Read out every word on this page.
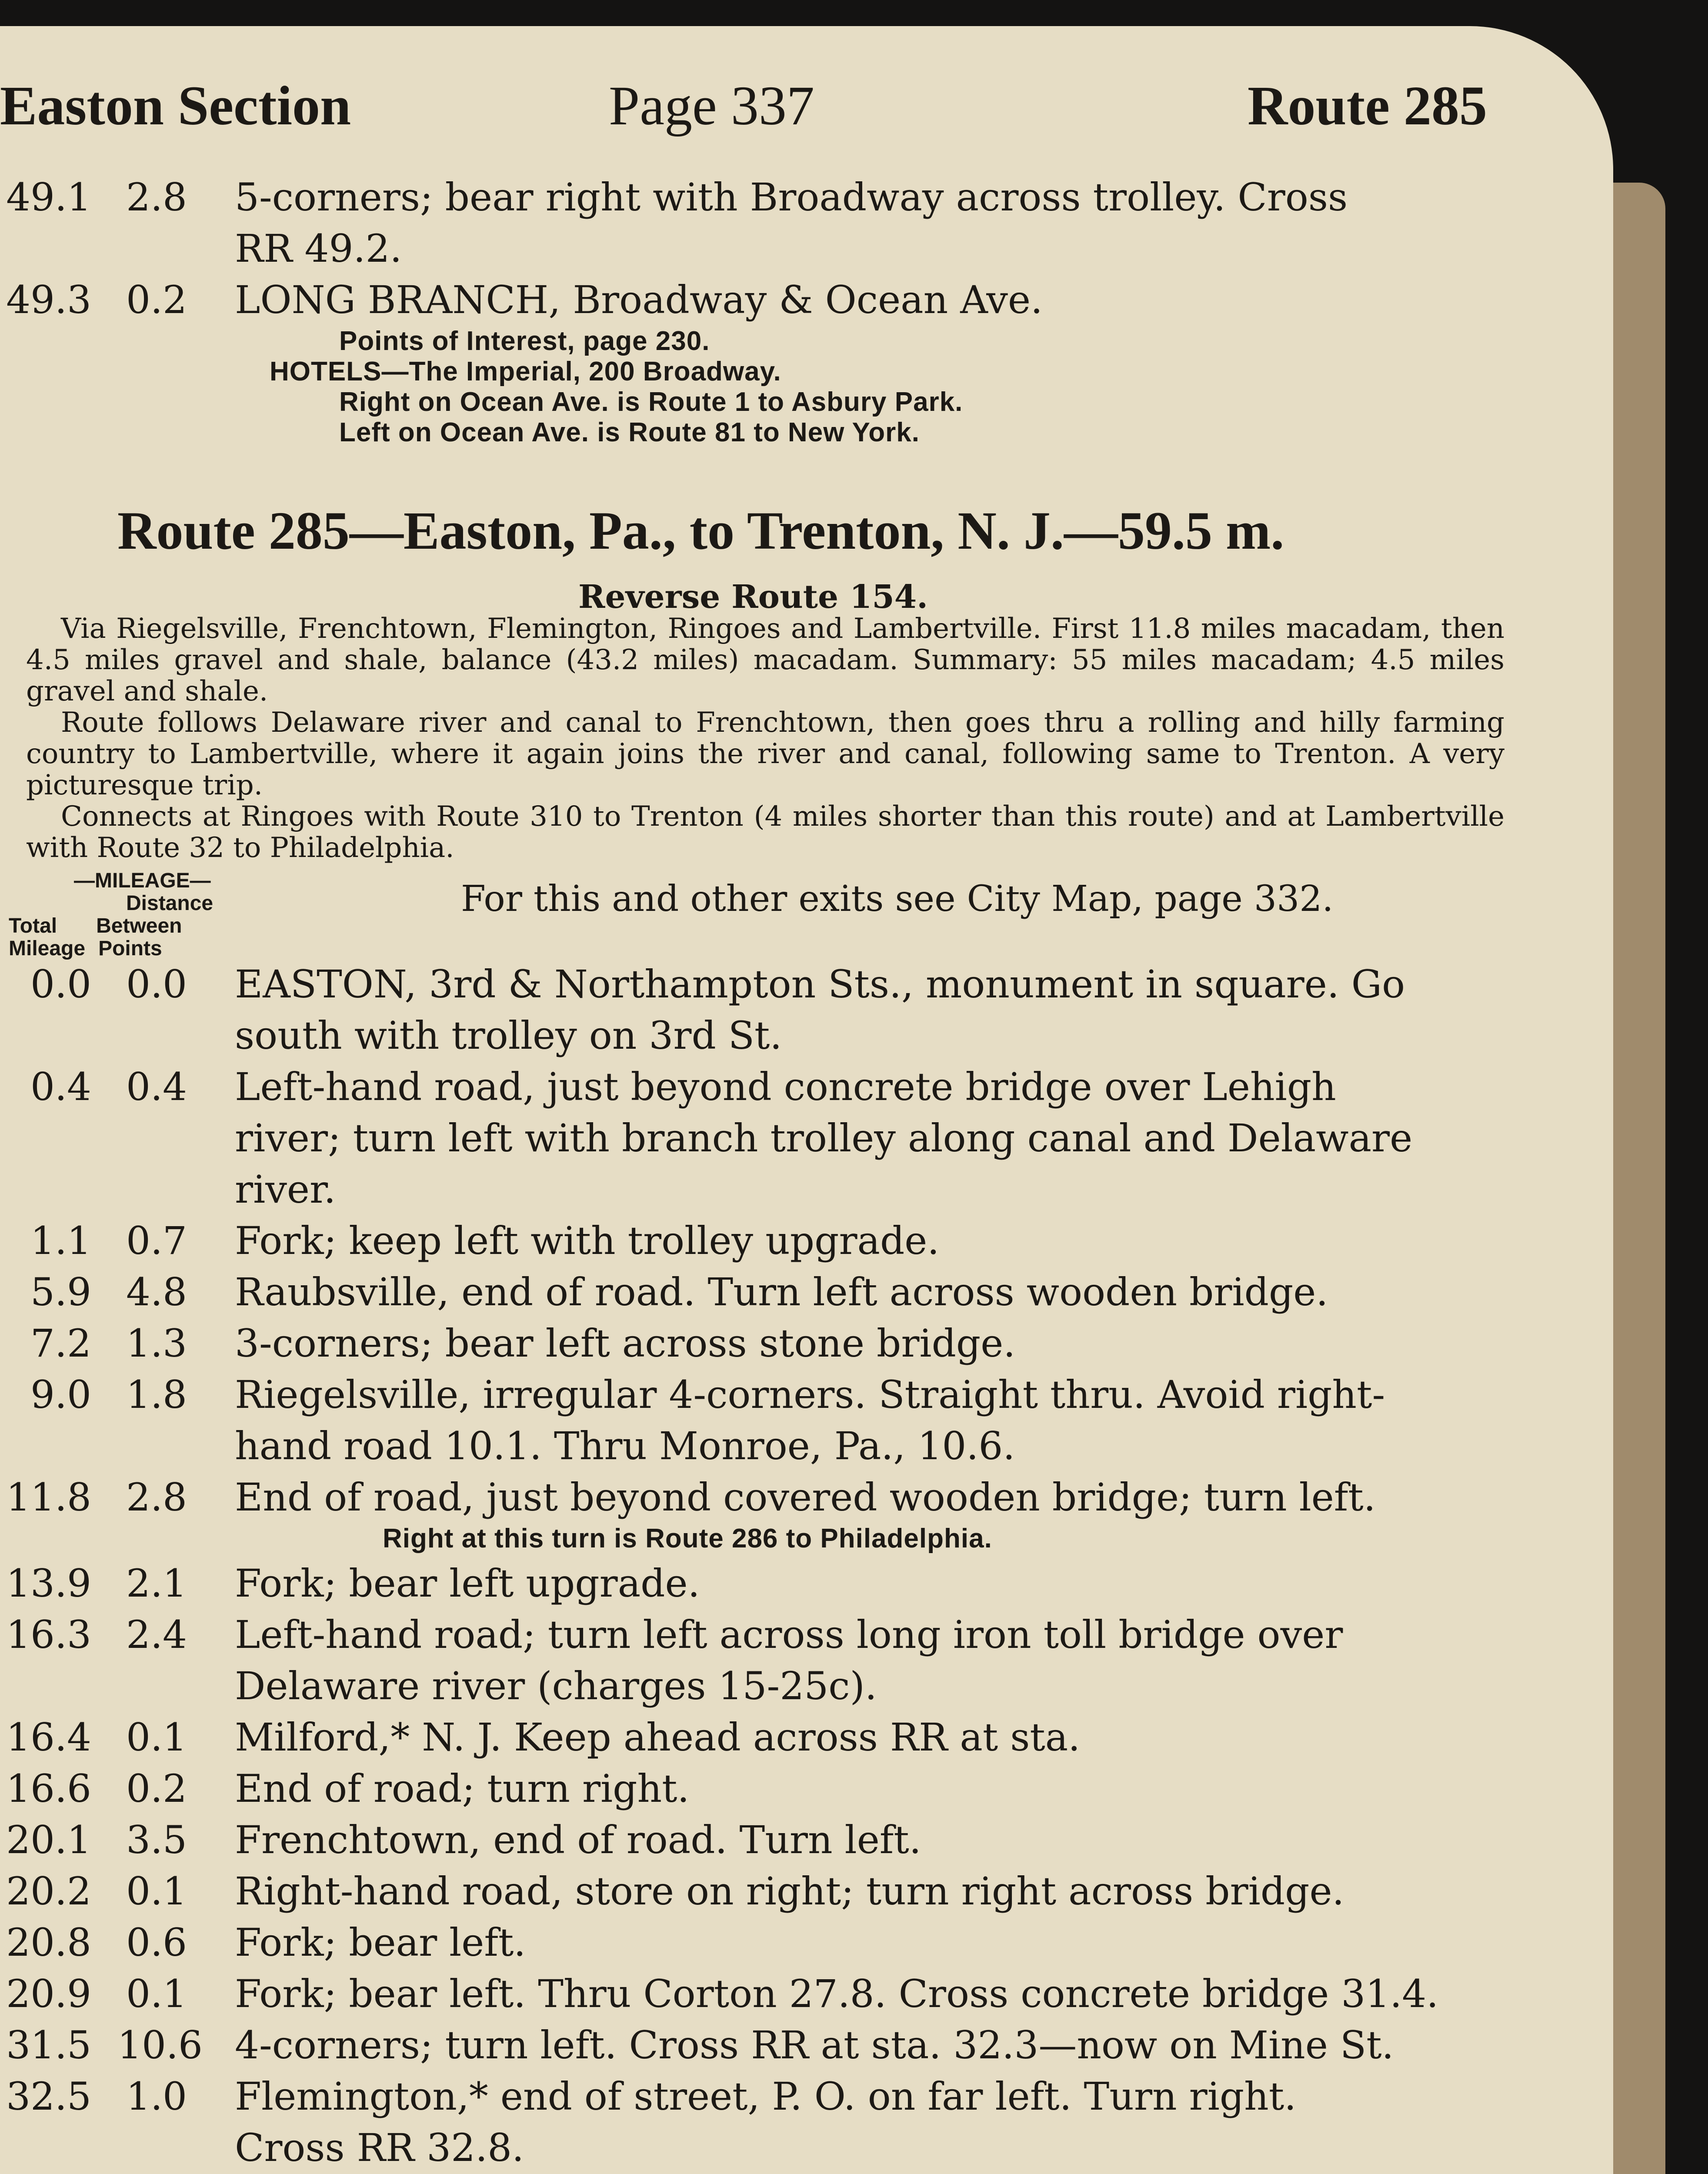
Easton Section	Page 337	Route 285
49.1 2.8 5-corners; bear right with Broadway across trolley. Cross
RR 49.2.
49.3 0.2 LONG BRANCH, Broadway & Ocean Ave.
Points of Interest, page 230.
HOTELS—The Imperial, 200 Broadway.
Right on Ocean Ave. is Route 1 to Asbury Park.
Left on Ocean Ave. is Route 81 to New York.
Route 285—Easton, Pa., to Trenton, N. J.—59.5 m.
Reverse Route 154.
Via Riegelsville, Frenchtown, Flemington, Ringoes and Lambertville. First 11.8 miles macadam, then 4.5 miles gravel and shale, balance (43.2 miles) macadam. Summary: 55 miles macadam; 4.5 miles gravel and shale.
Route follows Delaware river and canal to Frenchtown, then goes thru a rolling and hilly farming country to Lambertville, where it again joins the river and canal, following same to Trenton. A very picturesque trip.
Connects at Ringoes with Route 310 to Trenton (4 miles shorter than this route) and at Lambertville with Route 32 to Philadelphia.
—MILEAGE—
Distance
Total Between
Mileage Points
For this and other exits see City Map, page 332.
0.0 0.0 EASTON, 3rd & Northampton Sts., monument in square. Go
south with trolley on 3rd St.
0.4 0.4 Left-hand road, just beyond concrete bridge over Lehigh
river; turn left with branch trolley along canal and Delaware
river.
1.1 0.7 Fork; keep left with trolley upgrade.
5.9 4.8 Raubsville, end of road. Turn left across wooden bridge.
7.2 1.3 3-corners; bear left across stone bridge.
9.0 1.8 Riegelsville, irregular 4-corners. Straight thru. Avoid right-
hand road 10.1. Thru Monroe, Pa., 10.6.
11.8 2.8 End of road, just beyond covered wooden bridge; turn left.
Right at this turn is Route 286 to Philadelphia.
13.9 2.1 Fork; bear left upgrade.
16.3 2.4 Left-hand road; turn left across long iron toll bridge over
Delaware river (charges 15-25c).
16.4 0.1 Milford,* N. J. Keep ahead across RR at sta.
16.6 0.2 End of road; turn right.
20.1 3.5 Frenchtown, end of road. Turn left.
20.2 0.1 Right-hand road, store on right; turn right across bridge.
20.8 0.6 Fork; bear left.
20.9 0.1 Fork; bear left. Thru Corton 27.8. Cross concrete bridge 31.4.
31.5 10.6 4-corners; turn left. Cross RR at sta. 32.3—now on Mine St.
32.5 1.0 Flemington,* end of street, P. O. on far left. Turn right.
Cross RR 32.8.
